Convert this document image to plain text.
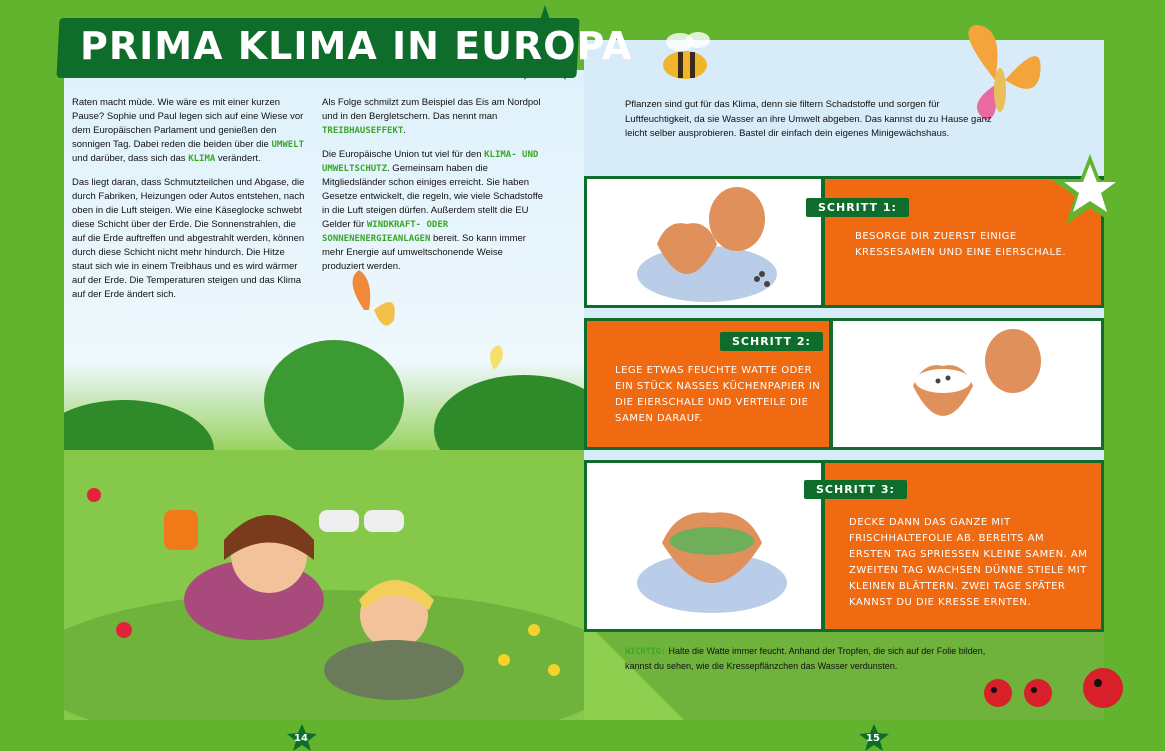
PRIMA KLIMA IN EUROPA

Raten macht müde. Wie wäre es mit einer kurzen Pause? Sophie und Paul legen sich auf eine Wiese vor dem Europäischen Parlament und genießen den sonnigen Tag. Dabei reden die beiden über die UMWELT und darüber, dass sich das KLIMA verändert.

Das liegt daran, dass Schmutzteilchen und Abgase, die durch Fabriken, Heizungen oder Autos entstehen, nach oben in die Luft steigen. Wie eine Käseglocke schwebt diese Schicht über der Erde. Die Sonnenstrahlen, die auf die Erde auftreffen und abgestrahlt werden, können durch diese Schicht nicht mehr hindurch. Die Hitze staut sich wie in einem Treibhaus und es wird wärmer auf der Erde. Die Temperaturen steigen und das Klima auf der Erde ändert sich.

Als Folge schmilzt zum Beispiel das Eis am Nordpol und in den Bergletschern. Das nennt man TREIBHAUSEFFEKT.

Die Europäische Union tut viel für den KLIMA- UND UMWELTSCHUTZ. Gemeinsam haben die Mitgliedsländer schon einiges erreicht. Sie haben Gesetze entwickelt, die regeln, wie viele Schadstoffe in die Luft steigen dürfen. Außerdem stellt die EU Gelder für WINDKRAFT- ODER SONNENENERGIEANLAGEN bereit. So kann immer mehr Energie auf umweltschonende Weise produziert werden.

Pflanzen sind gut für das Klima, denn sie filtern Schadstoffe und sorgen für Luftfeuchtigkeit, da sie Wasser an ihre Umwelt abgeben. Das kannst du zu Hause ganz leicht selber ausprobieren. Bastel dir einfach dein eigenes Minigewächshaus.
BESORGE DIR ZUERST EINIGE KRESSESAMEN UND EINE EIERSCHALE.
SCHRITT 1:
LEGE ETWAS FEUCHTE WATTE ODER EIN STÜCK NASSES KÜCHENPAPIER IN DIE EIERSCHALE UND VERTEILE DIE SAMEN DARAUF.
SCHRITT 2:
DECKE DANN DAS GANZE MIT FRISCHHALTEFOLIE AB. BEREITS AM ERSTEN TAG SPRIESSEN KLEINE SAMEN. AM ZWEITEN TAG WACHSEN DÜNNE STIELE MIT KLEINEN BLÄTTERN. ZWEI TAGE SPÄTER KANNST DU DIE KRESSE ERNTEN.
SCHRITT 3:
WICHTIG: Halte die Watte immer feucht. Anhand der Tropfen, die sich auf der Folie bilden, kannst du sehen, wie die Kressepflänzchen das Wasser verdunsten.
14	15
